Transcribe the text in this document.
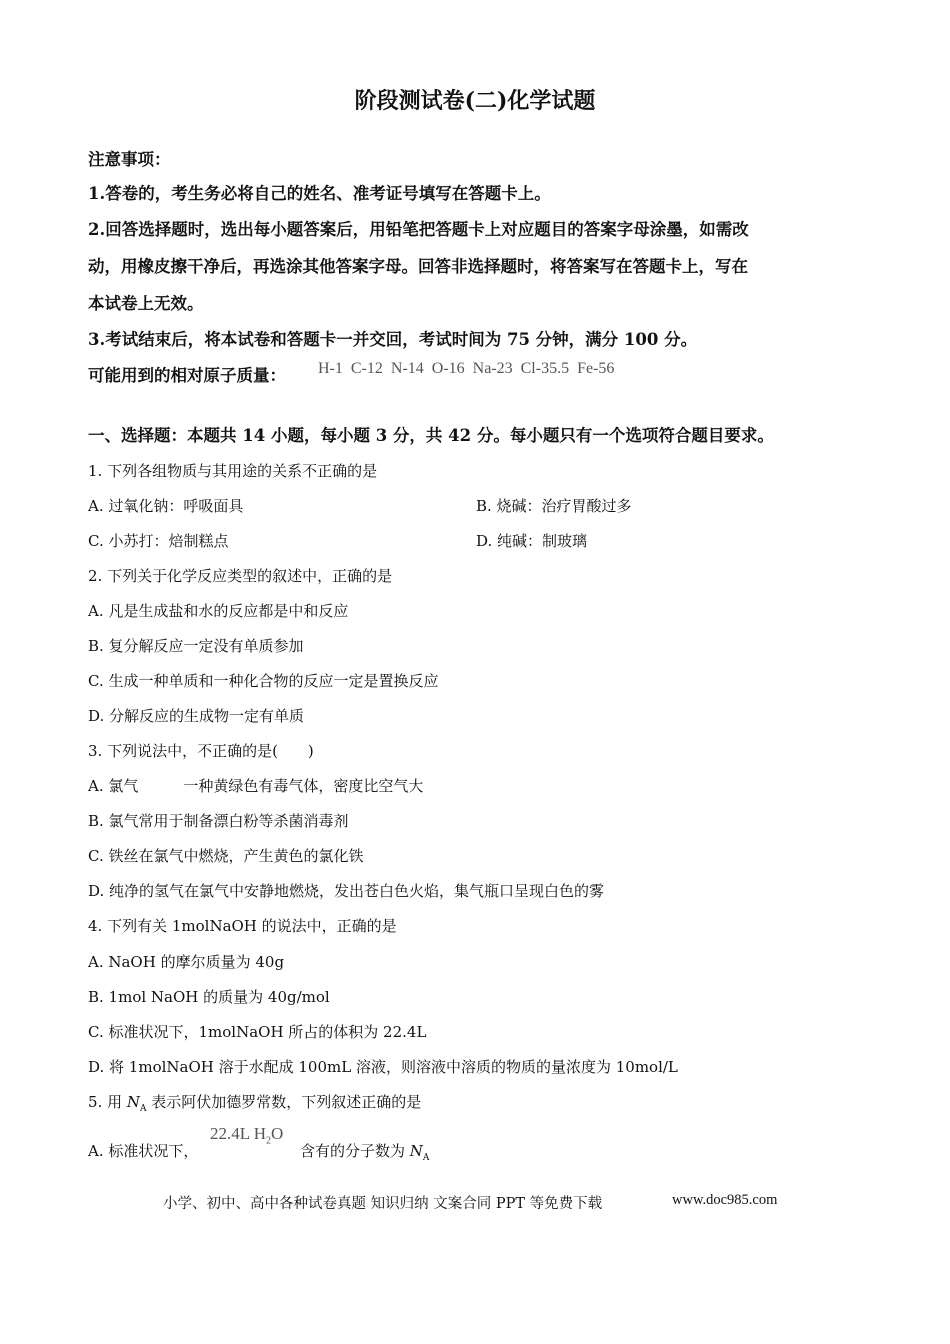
阶段测试卷(二)化学试题
注意事项：
1.答卷的，考生务必将自己的姓名、准考证号填写在答题卡上。
2.回答选择题时，选出每小题答案后，用铅笔把答题卡上对应题目的答案字母涂墨，如需改
动，用橡皮擦干净后，再选涂其他答案字母。回答非选择题时，将答案写在答题卡上，写在
本试卷上无效。
3.考试结束后，将本试卷和答题卡一并交回，考试时间为 75 分钟，满分 100 分。
可能用到的相对原子质量： H-1 C-12 N-14 O-16 Na-23 Cl-35.5 Fe-56
一、选择题：本题共 14 小题，每小题 3 分，共 42 分。每小题只有一个选项符合题目要求。
1. 下列各组物质与其用途的关系不正确的是
A. 过氧化钠：呼吸面具	B. 烧碱：治疗胃酸过多
C. 小苏打：焙制糕点	D. 纯碱：制玻璃
2. 下列关于化学反应类型的叙述中，正确的是
A. 凡是生成盐和水的反应都是中和反应
B. 复分解反应一定没有单质参加
C. 生成一种单质和一种化合物的反应一定是置换反应
D. 分解反应的生成物一定有单质
3. 下列说法中，不正确的是(　　)
A. 氯气　　　一种黄绿色有毒气体，密度比空气大
B. 氯气常用于制备漂白粉等杀菌消毒剂
C. 铁丝在氯气中燃烧，产生黄色的氯化铁
D. 纯净的氢气在氯气中安静地燃烧，发出苍白色火焰，集气瓶口呈现白色的雾
4. 下列有关 1molNaOH 的说法中，正确的是
A. NaOH 的摩尔质量为 40g
B. 1mol NaOH 的质量为 40g/mol
C. 标准状况下，1molNaOH 所占的体积为 22.4L
D. 将 1molNaOH 溶于水配成 100mL 溶液，则溶液中溶质的物质的量浓度为 10mol/L
5. 用 $N_A$ 表示阿伏加德罗常数，下列叙述正确的是
22.4L $H_2O$
A. 标准状况下，	含有的分子数为 $N_A$
小学、初中、高中各种试卷真题 知识归纳 文案合同 PPT 等免费下载	www.doc985.com
